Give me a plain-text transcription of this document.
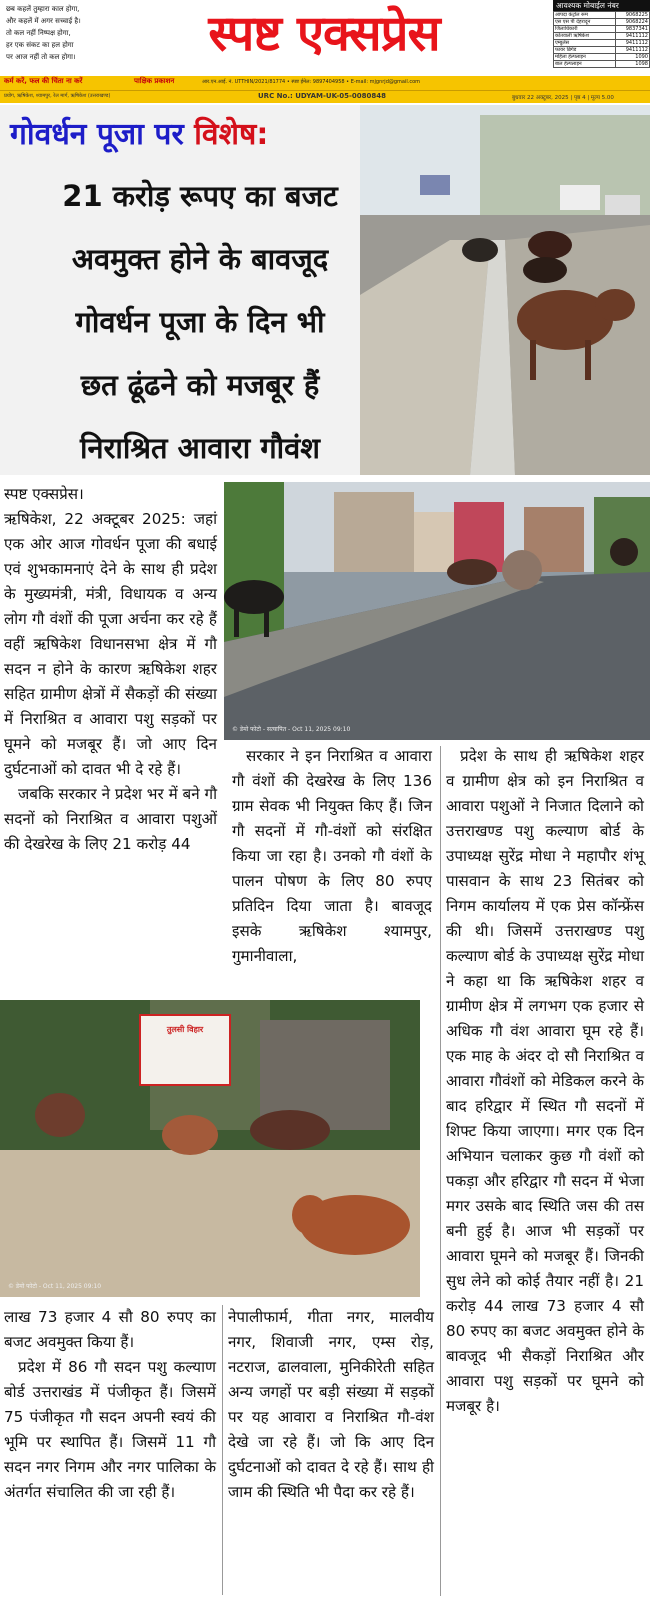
छब कहलें तुम्हारा काल होगा,
और कहलें में अगर सच्चाई है।
तो कल नहीं निष्पक्ष होगा,
हर एक संकट का हल होगा
पर आज नहीं तो कल होगा।	स्पष्ट एक्सप्रेस	आवश्यक मोबाईल नंबर
आपदा कंट्रोल रूम	9068225
एस एस पी देहरादून	9068224
जिलाधिकारी	9837341
कोतवाली ऋषिकेश	9411112
एम्बुलेंस	9411112
फायर ब्रिगेड	9411112
महिला हेल्पलाइन	1090
बाल हेल्पलाइन	1098
कर्म करें, फल की चिंता ना करें	पाक्षिक प्रकाशन	आर.एन.आई. नं. UTTHIN/2021/81774 • स्पष्ट ईमेल: 9897404958 • E-mail: mjgnrjd@gmail.com
प्रयोग, ऋषिकेश, श्यामपुर, रेल मार्ग, ऋषिकेश (उत्तराखण्ड)	URC No.: UDYAM-UK-05-0080848	बुधवार 22 अक्टूबर, 2025 | पृष्ठ 4 | मूल्य 5.00
गोवर्धन पूजा पर विशेष:
21 करोड़ रूपए का बजट
अवमुक्त होने के बावजूद
गोवर्धन पूजा के दिन भी
छत ढूंढने को मजबूर हैं
निराश्रित आवारा गौवंश
© डेमो फोटो - सत्यापित - Oct 11, 2025 09:10
तुलसी विहार
© डेमो फोटो - Oct 11, 2025 09:10

स्पष्ट एक्सप्रेस।

ऋषिकेश, 22 अक्टूबर 2025: जहां एक ओर आज गोवर्धन पूजा की बधाई एवं शुभकामनाएं देने के साथ ही प्रदेश के मुख्यमंत्री, मंत्री, विधायक व अन्य लोग गौ वंशों की पूजा अर्चना कर रहे हैं वहीं ऋषिकेश विधानसभा क्षेत्र में गौ सदन न होने के कारण ऋषिकेश शहर सहित ग्रामीण क्षेत्रों में सैकड़ों की संख्या में निराश्रित व आवारा पशु सड़कों पर घूमने को मजबूर हैं। जो आए दिन दुर्घटनाओं को दावत भी दे रहे हैं।

जबकि सरकार ने प्रदेश भर में बने गौ सदनों को निराश्रित व आवारा पशुओं की देखरेख के लिए 21 करोड़ 44

सरकार ने इन निराश्रित व आवारा गौ वंशों की देखरेख के लिए 136 ग्राम सेवक भी नियुक्त किए हैं। जिन गौ सदनों में गौ-वंशों को संरक्षित किया जा रहा है। उनको गौ वंशों के पालन पोषण के लिए 80 रुपए प्रतिदिन दिया जाता है। बावजूद इसके ऋषिकेश श्यामपुर, गुमानीवाला,

प्रदेश के साथ ही ऋषिकेश शहर व ग्रामीण क्षेत्र को इन निराश्रित व आवारा पशुओं ने निजात दिलाने को उत्तराखण्ड पशु कल्याण बोर्ड के उपाध्यक्ष सुरेंद्र मोधा ने महापौर शंभू पासवान के साथ 23 सितंबर को निगम कार्यालय में एक प्रेस कॉन्फ्रेंस की थी। जिसमें उत्तराखण्ड पशु कल्याण बोर्ड के उपाध्यक्ष सुरेंद्र मोधा ने कहा था कि ऋषिकेश शहर व ग्रामीण क्षेत्र में लगभग एक हजार से अधिक गौ वंश आवारा घूम रहे हैं। एक माह के अंदर दो सौ निराश्रित व आवारा गौवंशों को मेडिकल करने के बाद हरिद्वार में स्थित गौ सदनों में शिफ्ट किया जाएगा। मगर एक दिन अभियान चलाकर कुछ गौ वंशों को पकड़ा और हरिद्वार गौ सदन में भेजा मगर उसके बाद स्थिति जस की तस बनी हुई है। आज भी सड़कों पर आवारा घूमने को मजबूर हैं। जिनकी सुध लेने को कोई तैयार नहीं है। 21 करोड़ 44 लाख 73 हजार 4 सौ 80 रुपए का बजट अवमुक्त होने के बावजूद भी सैकड़ों निराश्रित और आवारा पशु सड़कों पर घूमने को मजबूर है।

लाख 73 हजार 4 सौ 80 रुपए का बजट अवमुक्त किया हैं।

प्रदेश में 86 गौ सदन पशु कल्याण बोर्ड उत्तराखंड में पंजीकृत हैं। जिसमें 75 पंजीकृत गौ सदन अपनी स्वयं की भूमि पर स्थापित हैं। जिसमें 11 गौ सदन नगर निगम और नगर पालिका के अंतर्गत संचालित की जा रही हैं।

नेपालीफार्म, गीता नगर, मालवीय नगर, शिवाजी नगर, एम्स रोड़, नटराज, ढालवाला, मुनिकीरेती सहित अन्य जगहों पर बड़ी संख्या में सड़कों पर यह आवारा व निराश्रित गौ-वंश देखे जा रहे हैं। जो कि आए दिन दुर्घटनाओं को दावत दे रहे हैं। साथ ही जाम की स्थिति भी पैदा कर रहे हैं।
